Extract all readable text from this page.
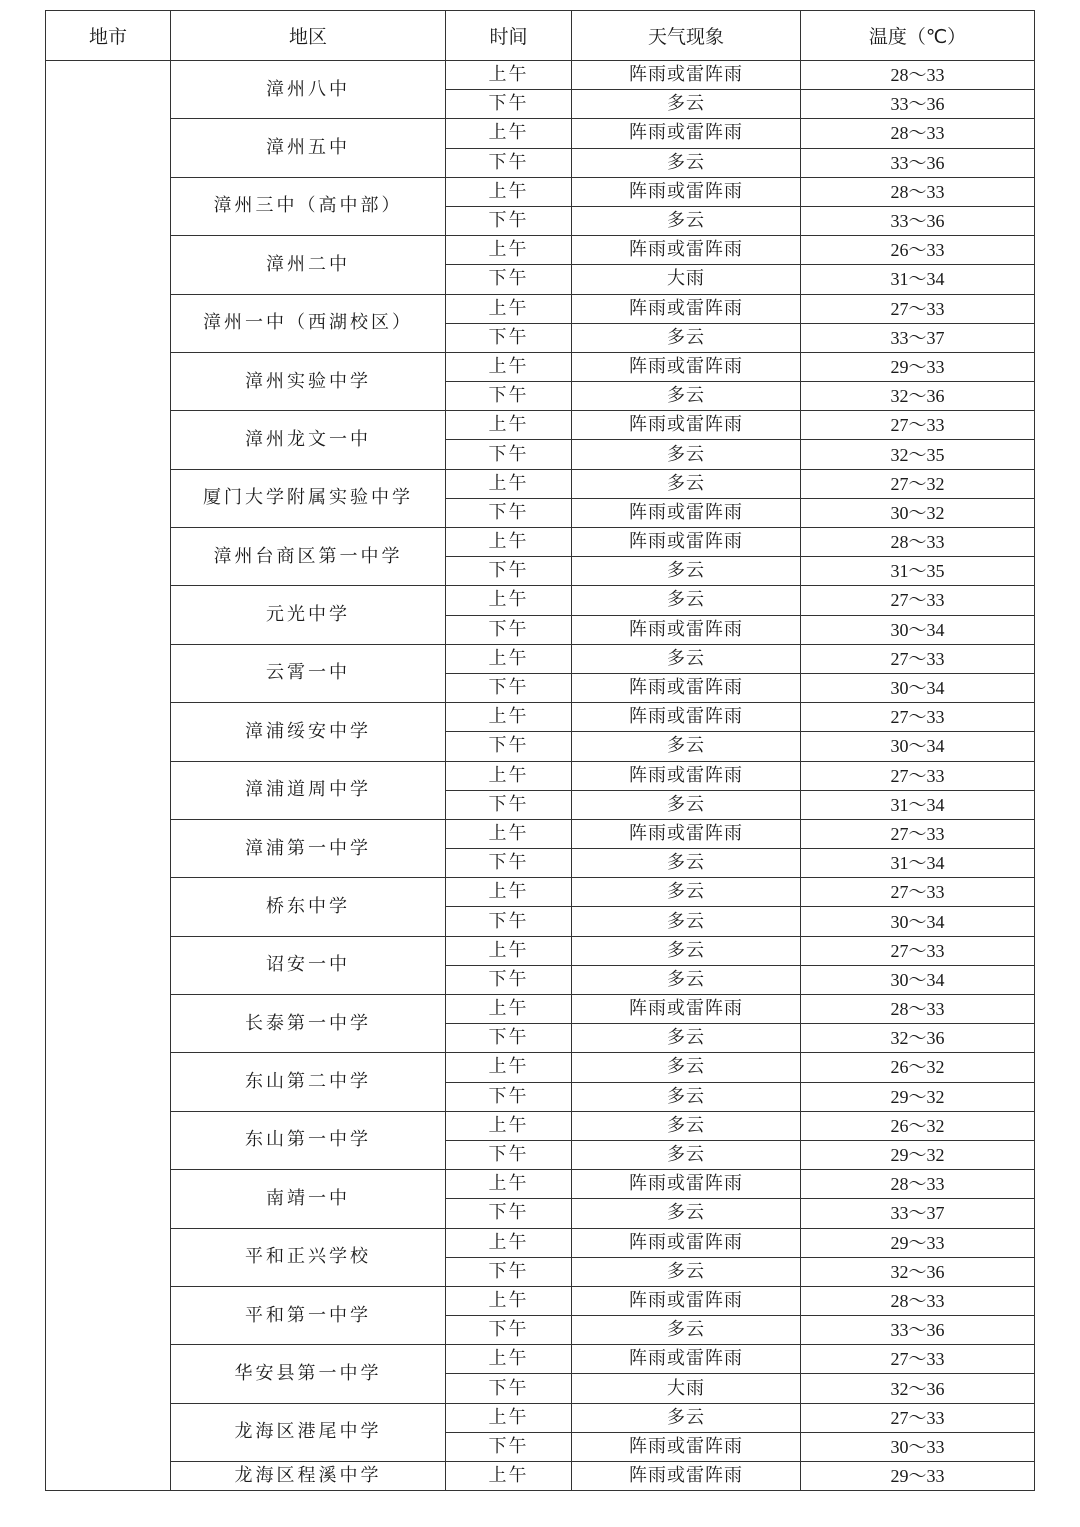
地市	地区	时间	天气现象	温度（℃）
	漳州八中	上午	阵雨或雷阵雨	28～33
		下午	多云	33～36
	漳州五中	上午	阵雨或雷阵雨	28～33
		下午	多云	33～36
	漳州三中（高中部）	上午	阵雨或雷阵雨	28～33
		下午	多云	33～36
	漳州二中	上午	阵雨或雷阵雨	26～33
		下午	大雨	31～34
	漳州一中（西湖校区）	上午	阵雨或雷阵雨	27～33
		下午	多云	33～37
	漳州实验中学	上午	阵雨或雷阵雨	29～33
		下午	多云	32～36
	漳州龙文一中	上午	阵雨或雷阵雨	27～33
		下午	多云	32～35
	厦门大学附属实验中学	上午	多云	27～32
		下午	阵雨或雷阵雨	30～32
	漳州台商区第一中学	上午	阵雨或雷阵雨	28～33
		下午	多云	31～35
	元光中学	上午	多云	27～33
		下午	阵雨或雷阵雨	30～34
	云霄一中	上午	多云	27～33
		下午	阵雨或雷阵雨	30～34
	漳浦绥安中学	上午	阵雨或雷阵雨	27～33
		下午	多云	30～34
	漳浦道周中学	上午	阵雨或雷阵雨	27～33
		下午	多云	31～34
	漳浦第一中学	上午	阵雨或雷阵雨	27～33
		下午	多云	31～34
	桥东中学	上午	多云	27～33
		下午	多云	30～34
	诏安一中	上午	多云	27～33
		下午	多云	30～34
	长泰第一中学	上午	阵雨或雷阵雨	28～33
		下午	多云	32～36
	东山第二中学	上午	多云	26～32
		下午	多云	29～32
	东山第一中学	上午	多云	26～32
		下午	多云	29～32
	南靖一中	上午	阵雨或雷阵雨	28～33
		下午	多云	33～37
	平和正兴学校	上午	阵雨或雷阵雨	29～33
		下午	多云	32～36
	平和第一中学	上午	阵雨或雷阵雨	28～33
		下午	多云	33～36
	华安县第一中学	上午	阵雨或雷阵雨	27～33
		下午	大雨	32～36
	龙海区港尾中学	上午	多云	27～33
		下午	阵雨或雷阵雨	30～33
	龙海区程溪中学	上午	阵雨或雷阵雨	29～33
